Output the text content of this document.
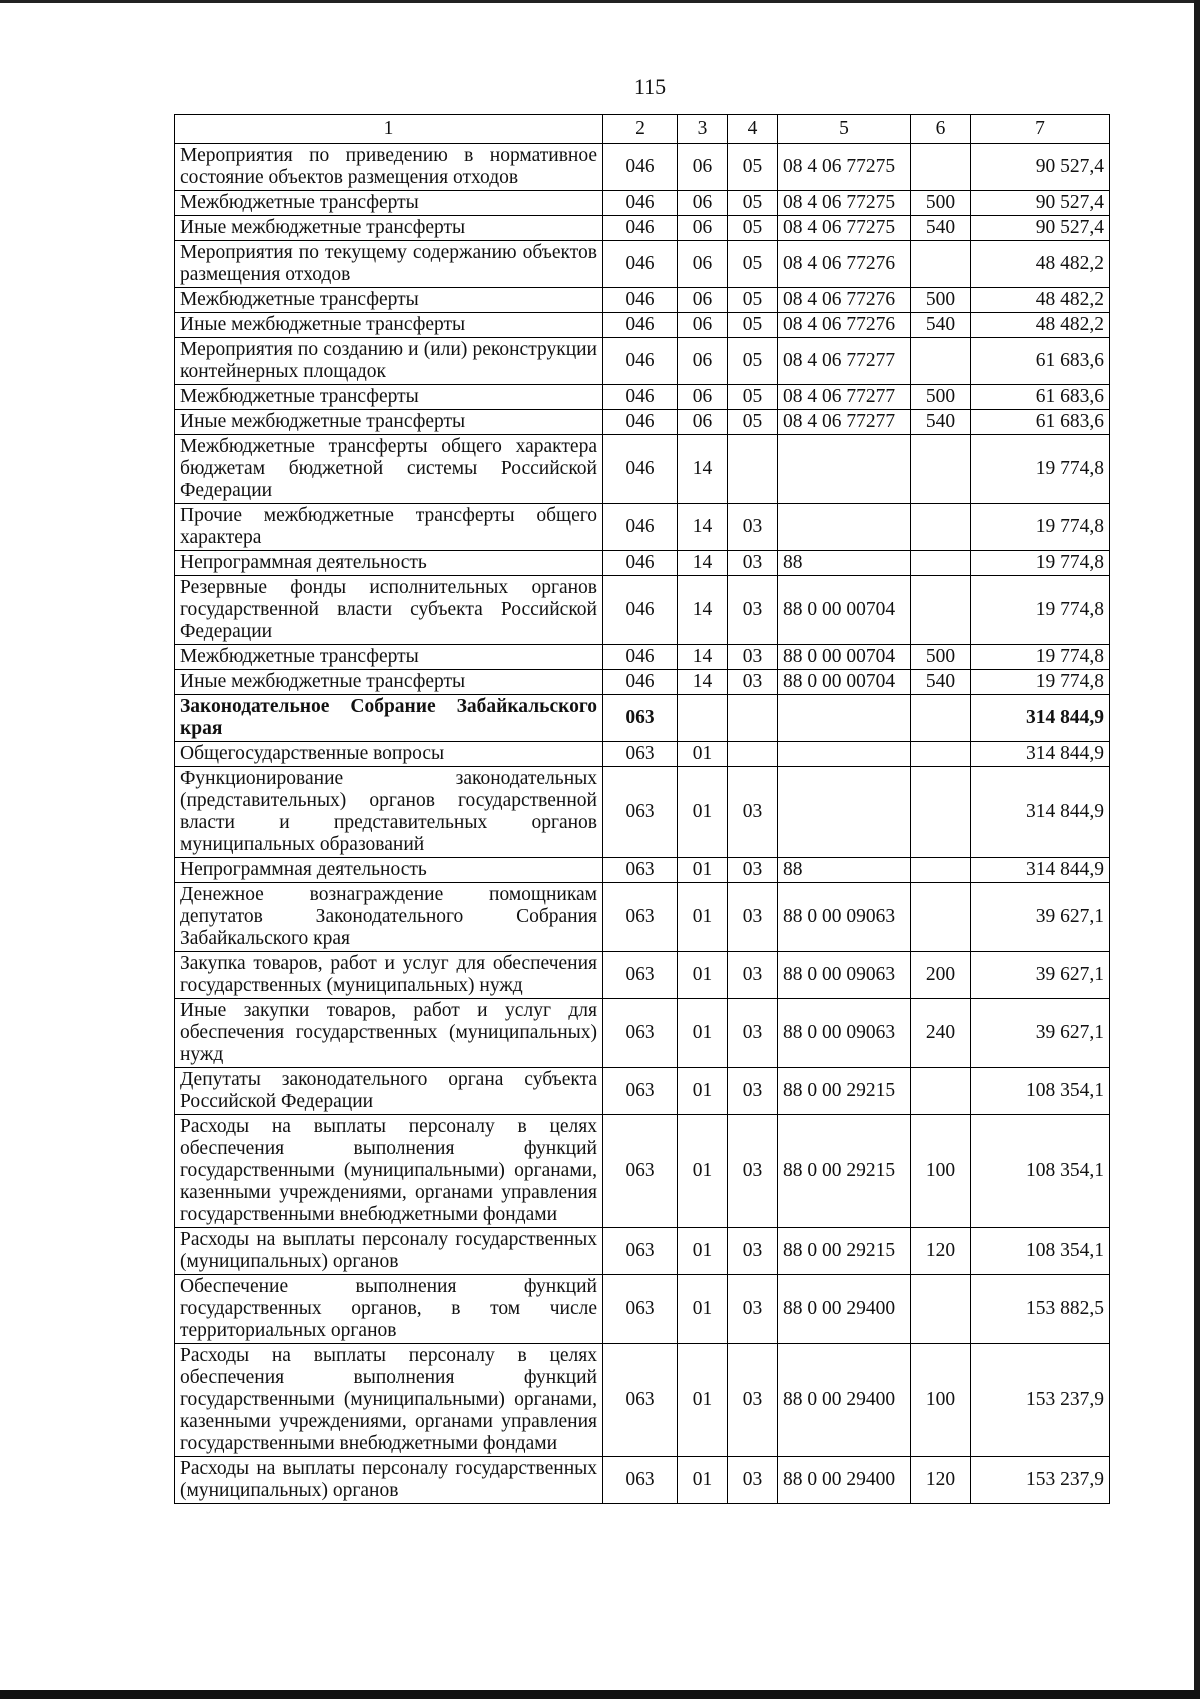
115
1	2	3	4	5	6	7
Мероприятия по приведению в нормативное состояние объектов размещения отходов	046	06	05	08 4 06 77275		90 527,4
Межбюджетные трансферты	046	06	05	08 4 06 77275	500	90 527,4
Иные межбюджетные трансферты	046	06	05	08 4 06 77275	540	90 527,4
Мероприятия по текущему содержанию объектов размещения отходов	046	06	05	08 4 06 77276		48 482,2
Межбюджетные трансферты	046	06	05	08 4 06 77276	500	48 482,2
Иные межбюджетные трансферты	046	06	05	08 4 06 77276	540	48 482,2
Мероприятия по созданию и (или) реконструкции контейнерных площадок	046	06	05	08 4 06 77277		61 683,6
Межбюджетные трансферты	046	06	05	08 4 06 77277	500	61 683,6
Иные межбюджетные трансферты	046	06	05	08 4 06 77277	540	61 683,6
Межбюджетные трансферты общего характера бюджетам бюджетной системы Российской Федерации	046	14				19 774,8
Прочие межбюджетные трансферты общего характера	046	14	03			19 774,8
Непрограммная деятельность	046	14	03	88		19 774,8
Резервные фонды исполнительных органов государственной власти субъекта Российской Федерации	046	14	03	88 0 00 00704		19 774,8
Межбюджетные трансферты	046	14	03	88 0 00 00704	500	19 774,8
Иные межбюджетные трансферты	046	14	03	88 0 00 00704	540	19 774,8
Законодательное Собрание Забайкальского края	063					314 844,9
Общегосударственные вопросы	063	01				314 844,9
Функционирование законодательных (представительных) органов государственной власти и представительных органов муниципальных образований	063	01	03			314 844,9
Непрограммная деятельность	063	01	03	88		314 844,9
Денежное вознаграждение помощникам депутатов Законодательного Собрания Забайкальского края	063	01	03	88 0 00 09063		39 627,1
Закупка товаров, работ и услуг для обеспечения государственных (муниципальных) нужд	063	01	03	88 0 00 09063	200	39 627,1
Иные закупки товаров, работ и услуг для обеспечения государственных (муниципальных) нужд	063	01	03	88 0 00 09063	240	39 627,1
Депутаты законодательного органа субъекта Российской Федерации	063	01	03	88 0 00 29215		108 354,1
Расходы на выплаты персоналу в целях обеспечения выполнения функций государственными (муниципальными) органами, казенными учреждениями, органами управления государственными внебюджетными фондами	063	01	03	88 0 00 29215	100	108 354,1
Расходы на выплаты персоналу государственных (муниципальных) органов	063	01	03	88 0 00 29215	120	108 354,1
Обеспечение выполнения функций государственных органов, в том числе территориальных органов	063	01	03	88 0 00 29400		153 882,5
Расходы на выплаты персоналу в целях обеспечения выполнения функций государственными (муниципальными) органами, казенными учреждениями, органами управления государственными внебюджетными фондами	063	01	03	88 0 00 29400	100	153 237,9
Расходы на выплаты персоналу государственных (муниципальных) органов	063	01	03	88 0 00 29400	120	153 237,9
